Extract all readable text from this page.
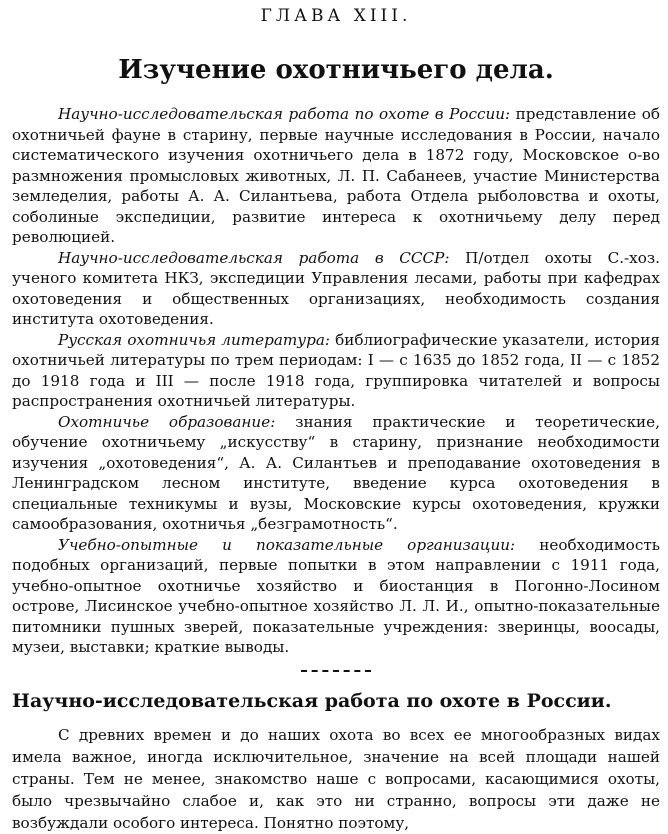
ГЛАВА XIII.
Изучение охотничьего дела.

Научно-исследовательская работа по охоте в России: представление об охотничьей фауне в старину, первые научные исследования в России, начало систематического изучения охотничьего дела в 1872 году, Московское о-во размножения промысловых животных, Л. П. Сабанеев, участие Министерства земледелия, работы А. А. Силантьева, работа Отдела рыболовства и охоты, соболиные экспедиции, развитие интереса к охотничьему делу перед революцией.

Научно-исследовательская работа в СССР: П/отдел охоты С.-хоз. ученого комитета НКЗ, экспедиции Управления лесами, работы при кафедрах охотоведения и общественных организациях, необходимость создания института охотоведения.

Русская охотничья литература: библиографические указатели, история охотничьей литературы по трем периодам: I — с 1635 до 1852 года, II — с 1852 до 1918 года и III — после 1918 года, группировка читателей и вопросы распространения охотничьей литературы.

Охотничье образование: знания практические и теоретические, обучение охотничьему „искусству“ в старину, признание необходимости изучения „охотоведения“, А. А. Силантьев и преподавание охотоведения в Ленинградском лесном институте, введение курса охотоведения в специальные техникумы и вузы, Московские курсы охотоведения, кружки самообразования, охотничья „безграмотность“.

Учебно-опытные и показательные организации: необходимость подобных организаций, первые попытки в этом направлении с 1911 года, учебно-опытное охотничье хозяйство и биостанция в Погонно-Лосином острове, Лисинское учебно-опытное хозяйство Л. Л. И., опытно-показательные питомники пушных зверей, показательные учреждения: зверинцы, вооcады, музеи, выставки; краткие выводы.

Научно-исследовательская работа по охоте в России.

С древних времен и до наших охота во всех ее многообразных видах имела важное, иногда исключительное, значение на всей площади нашей страны. Тем не менее, знакомство наше с вопросами, касающимися охоты, было чрезвычайно слабое и, как это ни странно, вопросы эти даже не возбуждали особого интереса. Понятно поэтому,
